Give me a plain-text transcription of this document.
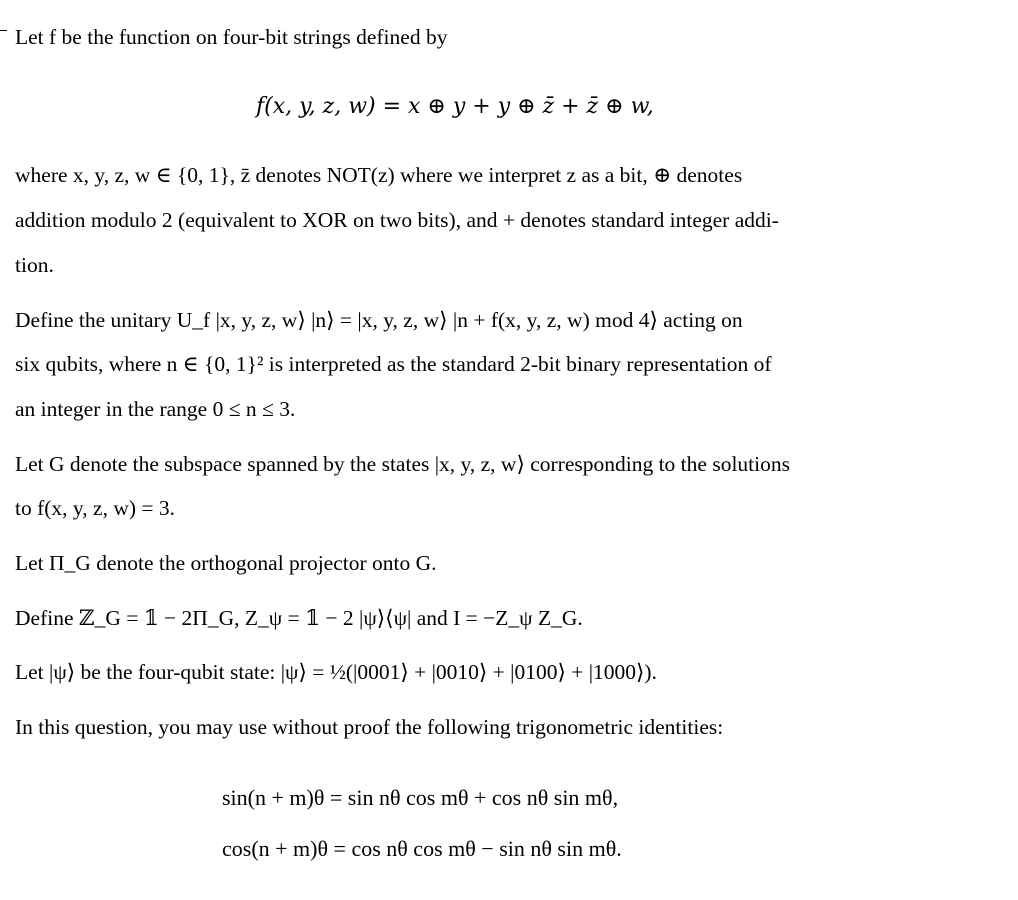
Let f be the function on four-bit strings defined by
f(x, y, z, w) = x ⊕ y + y ⊕ z̄ + z̄ ⊕ w,
where x, y, z, w ∈ {0, 1}, z̄ denotes NOT(z) where we interpret z as a bit, ⊕ denotes
addition modulo 2 (equivalent to XOR on two bits), and + denotes standard integer addi-
tion.
Define the unitary U_f |x, y, z, w⟩ |n⟩ = |x, y, z, w⟩ |n + f(x, y, z, w) mod 4⟩ acting on
six qubits, where n ∈ {0, 1}² is interpreted as the standard 2-bit binary representation of
an integer in the range 0 ≤ n ≤ 3.
Let G denote the subspace spanned by the states |x, y, z, w⟩ corresponding to the solutions
to f(x, y, z, w) = 3.
Let Π_G denote the orthogonal projector onto G.
Define ℤ_G = 𝟙 − 2Π_G, Z_ψ = 𝟙 − 2 |ψ⟩⟨ψ| and I = −Z_ψ Z_G.
Let |ψ⟩ be the four-qubit state: |ψ⟩ = ½(|0001⟩ + |0010⟩ + |0100⟩ + |1000⟩).
In this question, you may use without proof the following trigonometric identities:
sin(n + m)θ = sin nθ cos mθ + cos nθ sin mθ,
cos(n + m)θ = cos nθ cos mθ − sin nθ sin mθ.
